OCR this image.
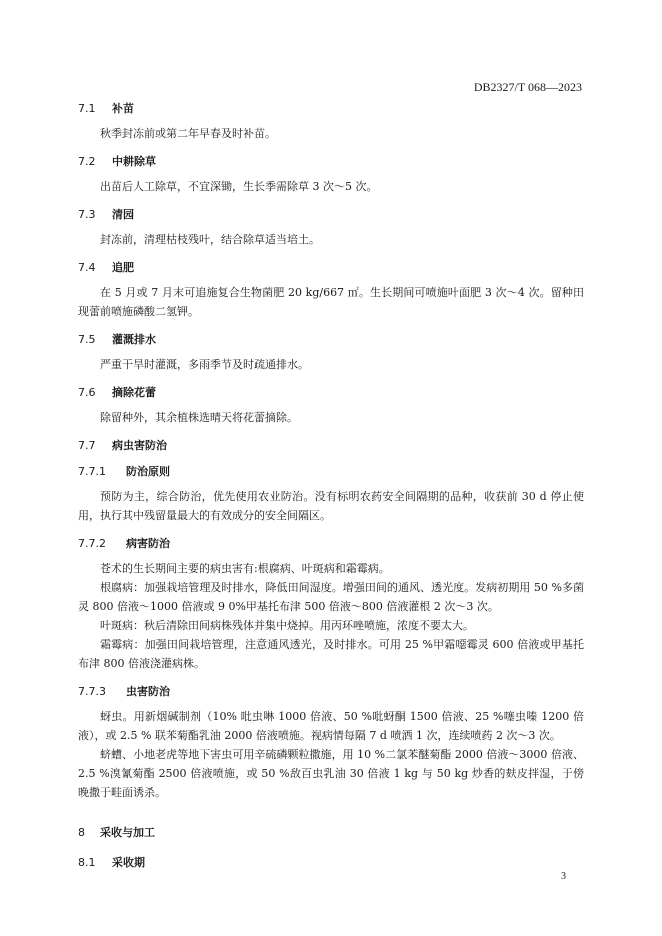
DB2327/T 068—2023
7.1	补苗

秋季封冻前或第二年早春及时补苗。

7.2	中耕除草

出苗后人工除草，不宜深锄，生长季需除草 3 次～5 次。

7.3	清园

封冻前，清理枯枝残叶，结合除草适当培土。

7.4	追肥

在 5 月或 7 月末可追施复合生物菌肥 20 kg/667 ㎡。生长期间可喷施叶面肥 3 次～4 次。留种田现蕾前喷施磷酸二氢钾。

7.5	灌溉排水

严重干旱时灌溉，多雨季节及时疏通排水。

7.6	摘除花蕾

除留种外，其余植株选晴天将花蕾摘除。

7.7	病虫害防治
7.7.1	防治原则

预防为主，综合防治，优先使用农业防治。没有标明农药安全间隔期的品种，收获前 30 d 停止使用，执行其中残留量最大的有效成分的安全间隔区。

7.7.2	病害防治

苍术的生长期间主要的病虫害有:根腐病、叶斑病和霜霉病。

根腐病：加强栽培管理及时排水，降低田间湿度。增强田间的通风、透光度。发病初期用 50 %多菌灵 800 倍液～1000 倍液或 9 0%甲基托布津 500 倍液～800 倍液灌根 2 次～3 次。

叶斑病：秋后清除田间病株残体并集中烧掉。用丙环唑喷施，浓度不要太大。

霜霉病：加强田间栽培管理，注意通风透光，及时排水。可用 25 %甲霜噁霉灵 600 倍液或甲基托布津 800 倍液浇灌病株。

7.7.3	虫害防治

蚜虫。用新烟碱制剂（10% 吡虫啉 1000 倍液、50 %吡蚜酮 1500 倍液、25 %噻虫嗪 1200 倍液），或 2.5 % 联苯菊酯乳油 2000 倍液喷施。视病情每隔 7 d 喷洒 1 次，连续喷药 2 次～3 次。

蛴螬、小地老虎等地下害虫可用辛硫磷颗粒撒施，用 10 %二氯苯醚菊酯 2000 倍液～3000 倍液、2.5 %溴氰菊酯 2500 倍液喷施，或 50 %敌百虫乳油 30 倍液 1 kg 与 50 kg 炒香的麸皮拌湿，于傍晚撒于畦面诱杀。

8	采收与加工
8.1	采收期
3
